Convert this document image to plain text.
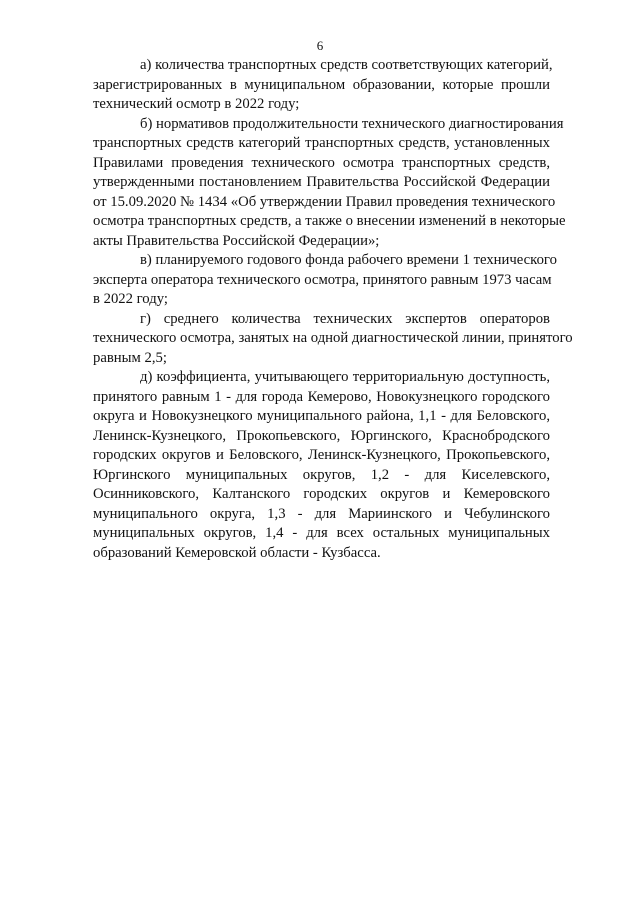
6

а) количества транспортных средств соответствующих категорий,
зарегистрированных в муниципальном образовании, которые прошли
технический осмотр в 2022 году;

б) нормативов продолжительности технического диагностирования
транспортных средств категорий транспортных средств, установленных
Правилами проведения технического осмотра транспортных средств,
утвержденными постановлением Правительства Российской Федерации
от 15.09.2020 № 1434 «Об утверждении Правил проведения технического
осмотра транспортных средств, а также о внесении изменений в некоторые
акты Правительства Российской Федерации»;

в) планируемого годового фонда рабочего времени 1 технического
эксперта оператора технического осмотра, принятого равным 1973 часам
в 2022 году;

г) среднего количества технических экспертов операторов
технического осмотра, занятых на одной диагностической линии, принятого
равным 2,5;

д) коэффициента, учитывающего территориальную доступность,
принятого равным 1 - для города Кемерово, Новокузнецкого городского
округа и Новокузнецкого муниципального района, 1,1 - для Беловского,
Ленинск-Кузнецкого, Прокопьевского, Юргинского, Краснобродского
городских округов и Беловского, Ленинск-Кузнецкого, Прокопьевского,
Юргинского муниципальных округов, 1,2 - для Киселевского,
Осинниковского, Калтанского городских округов и Кемеровского
муниципального округа, 1,3 - для Мариинского и Чебулинского
муниципальных округов, 1,4 - для всех остальных муниципальных
образований Кемеровской области - Кузбасса.
